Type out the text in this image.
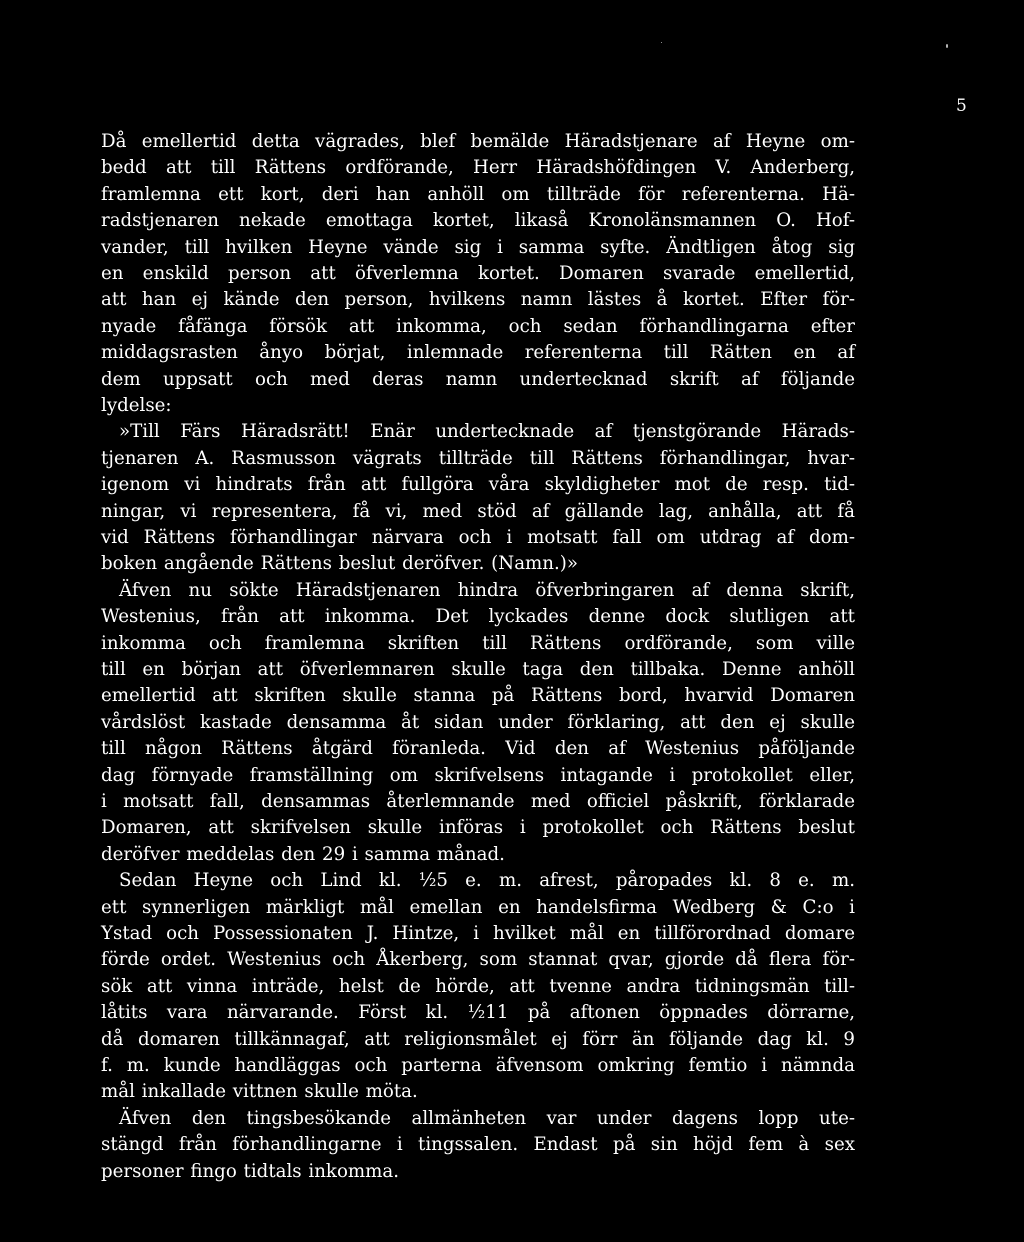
5
Då emellertid detta vägrades, blef bemälde Häradstjenare af Heyne om-
bedd att till Rättens ordförande, Herr Häradshöfdingen V. Anderberg,
framlemna ett kort, deri han anhöll om tillträde för referenterna. Hä-
radstjenaren nekade emottaga kortet, likaså Kronolänsmannen O. Hof-
vander, till hvilken Heyne vände sig i samma syfte. Ändtligen åtog sig
en enskild person att öfverlemna kortet. Domaren svarade emellertid,
att han ej kände den person, hvilkens namn lästes å kortet. Efter för-
nyade fåfänga försök att inkomma, och sedan förhandlingarna efter
middagsrasten ånyo börjat, inlemnade referenterna till Rätten en af
dem uppsatt och med deras namn undertecknad skrift af följande
lydelse:
»Till Färs Häradsrätt! Enär undertecknade af tjenstgörande Härads-
tjenaren A. Rasmusson vägrats tillträde till Rättens förhandlingar, hvar-
igenom vi hindrats från att fullgöra våra skyldigheter mot de resp. tid-
ningar, vi representera, få vi, med stöd af gällande lag, anhålla, att få
vid Rättens förhandlingar närvara och i motsatt fall om utdrag af dom-
boken angående Rättens beslut deröfver. (Namn.)»
Äfven nu sökte Häradstjenaren hindra öfverbringaren af denna skrift,
Westenius, från att inkomma. Det lyckades denne dock slutligen att
inkomma och framlemna skriften till Rättens ordförande, som ville
till en början att öfverlemnaren skulle taga den tillbaka. Denne anhöll
emellertid att skriften skulle stanna på Rättens bord, hvarvid Domaren
vårdslöst kastade densamma åt sidan under förklaring, att den ej skulle
till någon Rättens åtgärd föranleda. Vid den af Westenius påföljande
dag förnyade framställning om skrifvelsens intagande i protokollet eller,
i motsatt fall, densammas återlemnande med officiel påskrift, förklarade
Domaren, att skrifvelsen skulle införas i protokollet och Rättens beslut
deröfver meddelas den 29 i samma månad.
Sedan Heyne och Lind kl. ½5 e. m. afrest, påropades kl. 8 e. m.
ett synnerligen märkligt mål emellan en handelsfirma Wedberg & C:o i
Ystad och Possessionaten J. Hintze, i hvilket mål en tillförordnad domare
förde ordet. Westenius och Åkerberg, som stannat qvar, gjorde då flera för-
sök att vinna inträde, helst de hörde, att tvenne andra tidningsmän till-
låtits vara närvarande. Först kl. ½11 på aftonen öppnades dörrarne,
då domaren tillkännagaf, att religionsmålet ej förr än följande dag kl. 9
f. m. kunde handläggas och parterna äfvensom omkring femtio i nämnda
mål inkallade vittnen skulle möta.
Äfven den tingsbesökande allmänheten var under dagens lopp ute-
stängd från förhandlingarne i tingssalen. Endast på sin höjd fem à sex
personer fingo tidtals inkomma.
